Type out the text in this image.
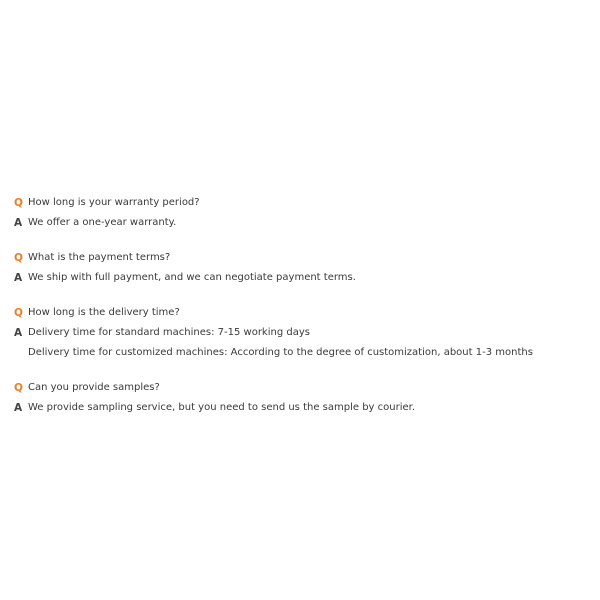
Q How long is your warranty period?
A We offer a one-year warranty.
Q What is the payment terms?
A We ship with full payment, and we can negotiate payment terms.
Q How long is the delivery time?
A Delivery time for standard machines: 7-15 working days
Delivery time for customized machines: According to the degree of customization, about 1-3 months
Q Can you provide samples?
A We provide sampling service, but you need to send us the sample by courier.
